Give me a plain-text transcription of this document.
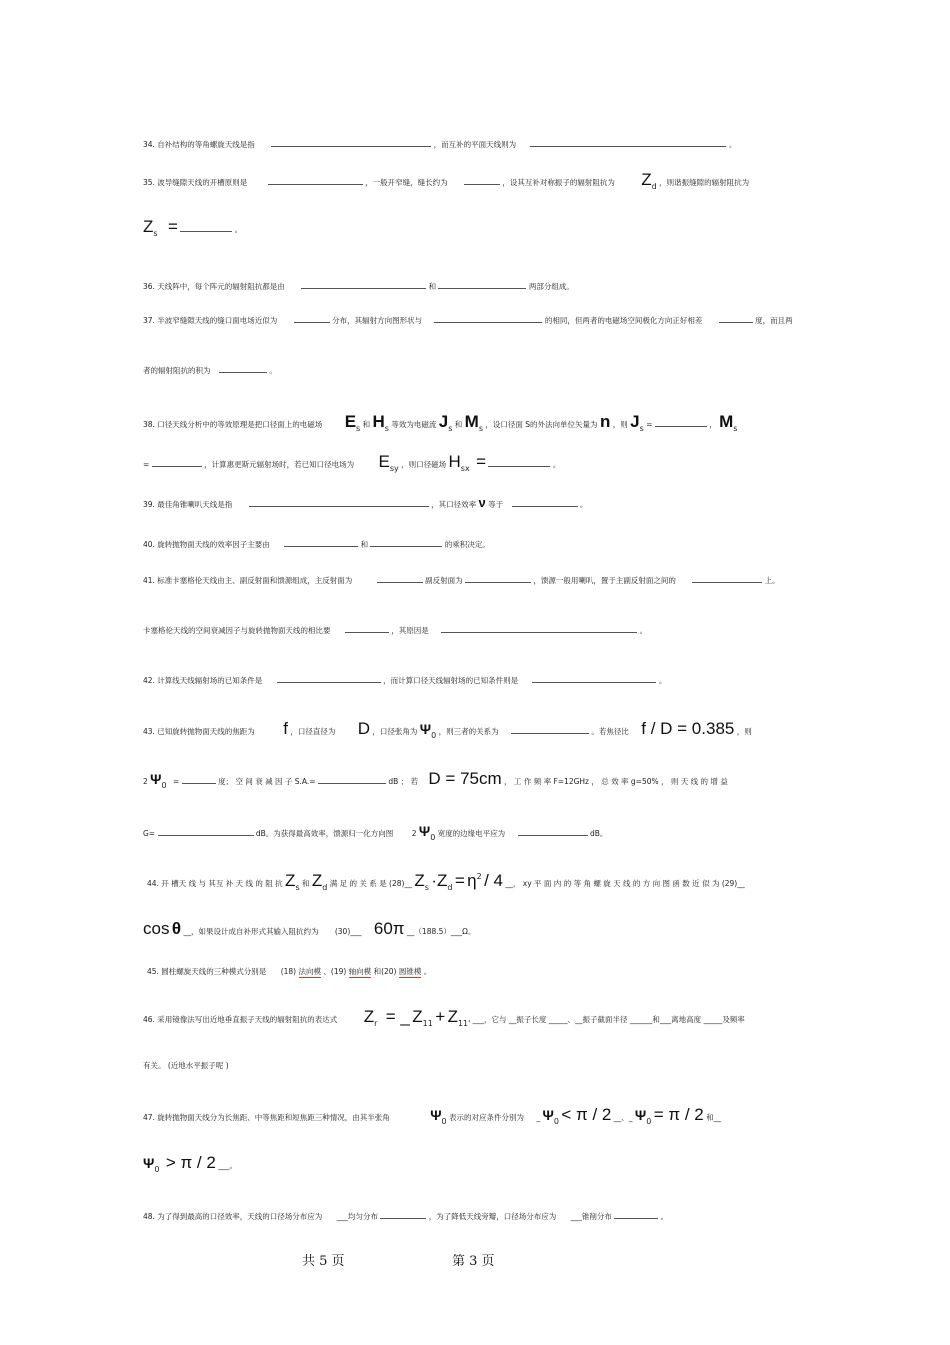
34. 自补结构的等角螺旋天线是指	，而互补的平面天线则为	。
35. 波导缝隙天线的开槽原则是	，一般开窄缝，缝长约为	，设其互补对称振子的辐射阻抗为 Zd ，则谐振缝隙的辐射阻抗为
Zs =	。
36. 天线阵中，每个阵元的辐射阻抗都是由	和	两部分组成。
37. 半波窄缝隙天线的缝口面电场近似为	分布，其辐射方向图形状与	的相同，但两者的电磁场空间极化方向正好相差	度，而且两
者的辐射阻抗的积为	。
38. 口径天线分析中的等效原理是把口径面上的电磁场 Es 和 Hs 等效为电磁流 Js 和 Ms ，设口径面 S的外法向单位矢量为 n ，则 Js =	， Ms
=	，计算惠更斯元辐射场时，若已知口径电场为 Esy ，则口径磁场 Hsx =	。
39. 最佳角锥喇叭天线是指	，其口径效率 ν 等于	。
40. 旋转抛物面天线的效率因子主要由	和	的乘积决定。
41. 标准卡塞格伦天线由主、副反射面和馈源组成，主反射面为	副反射面为	，馈源一般用喇叭，置于主副反射面之间的	上。
卡塞格伦天线的空间衰减因子与旋转抛物面天线的相比要	，其原因是	。
42. 计算线天线辐射场的已知条件是	，而计算口径天线辐射场的已知条件则是	。
43. 已知旋转抛物面天线的焦距为 f ，口径直径为 D ，口径张角为 Ψ0 ，则三者的关系为	。若焦径比 f / D = 0.385 ，则
2 Ψ0 =	度； 空 间 衰 减 因 子 S.A.=	dB ； 若 D = 75cm ， 工 作 频 率 F=12GHz ， 总 效 率 g=50% ， 则 天 线 的 增 益
G=	dB。为获得最高效率，馈源归一化方向图 2 Ψ0 宽度的边缘电平应为	dB。
44. 开 槽天 线 与 其互 补 天 线 的 阻 抗 Zs 和 Zd 满 足 的 关 系 是 (28)__ Zs ·Zd = η2 / 4 __， xy 平 面 内 的 等 角 螺 旋 天 线 的 方 向 图 函 数 近 似 为 (29)__
cos θ __，如果设计成自补形式其输入阻抗约为 (30)___ 60π __（188.5）___Ω。
45. 圆柱螺旋天线的三种模式分别是 (18) 法向模 、(19) 轴向模 和(20) 圆锥模 。
46. 采用镜像法写出近地垂直振子天线的辐射阻抗的表达式 Zr = _ Z11 + Z11' ___，它与 __振子长度 _____、__振子截面半径 ______和___离地高度 _____及频率
有关。 (近地水平振子呢 )
47. 旋转抛物面天线分为长焦距、中等焦距和短焦距三种情况，由其半张角	Ψ0 表示的对应条件分别为 _ Ψ0 < π / 2 __、_ Ψ0 = π / 2 和__
Ψ0 > π / 2 ___。
48. 为了得到最高的口径效率，天线的口径场分布应为 ___均匀分布	，为了降低天线旁瓣，口径场分布应为 ___锥削分布	。
共 5 页	第 3 页
